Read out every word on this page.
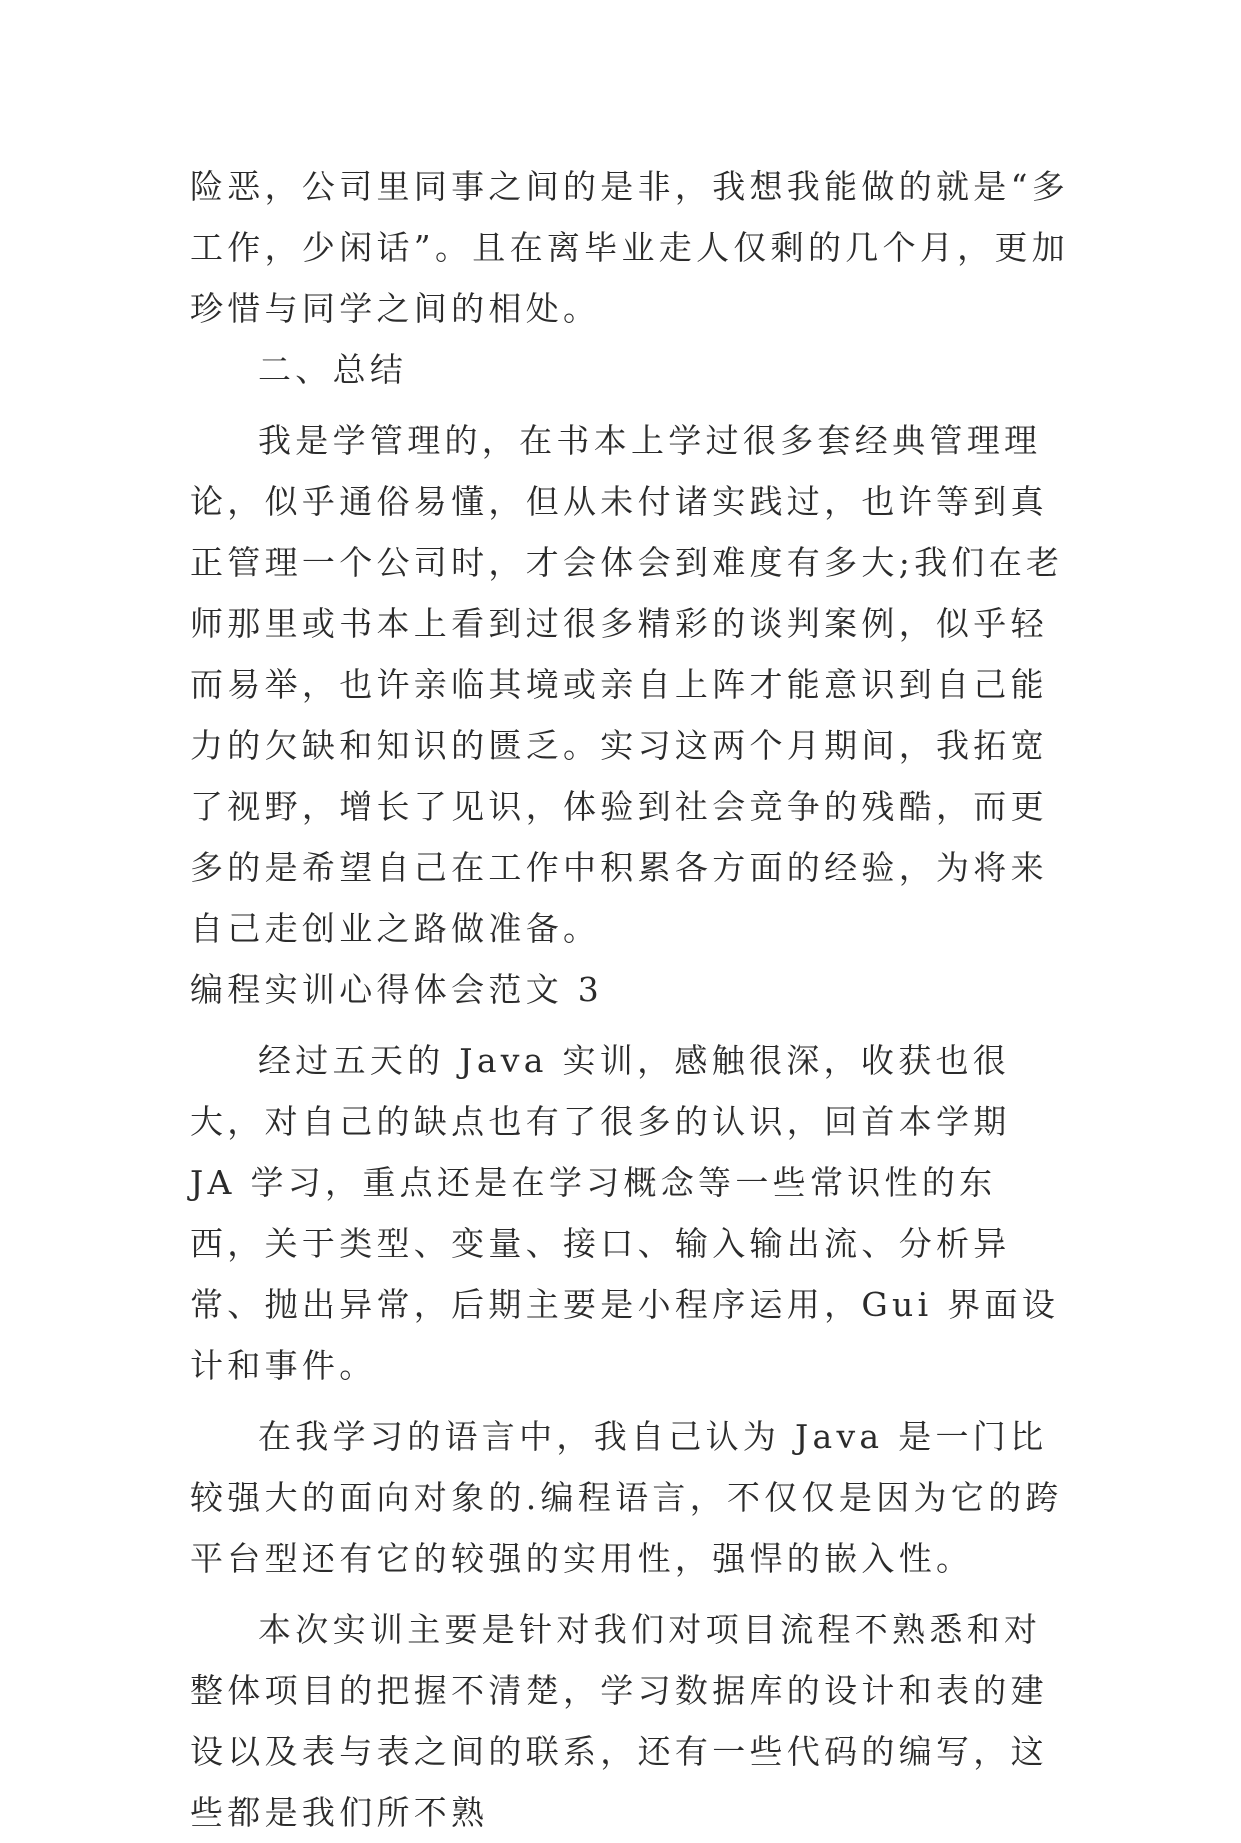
险恶，公司里同事之间的是非，我想我能做的就是“多工作，少闲话”。且在离毕业走人仅剩的几个月，更加珍惜与同学之间的相处。

二、总结

我是学管理的，在书本上学过很多套经典管理理论，似乎通俗易懂，但从未付诸实践过，也许等到真正管理一个公司时，才会体会到难度有多大;我们在老师那里或书本上看到过很多精彩的谈判案例，似乎轻而易举，也许亲临其境或亲自上阵才能意识到自己能力的欠缺和知识的匮乏。实习这两个月期间，我拓宽了视野，增长了见识，体验到社会竞争的残酷，而更多的是希望自己在工作中积累各方面的经验，为将来自己走创业之路做准备。

编程实训心得体会范文 3

经过五天的 Java 实训，感触很深，收获也很大，对自己的缺点也有了很多的认识，回首本学期 JA 学习，重点还是在学习概念等一些常识性的东西，关于类型、变量、接口、输入输出流、分析异常、抛出异常，后期主要是小程序运用，Gui 界面设计和事件。

在我学习的语言中，我自己认为 Java 是一门比较强大的面向对象的.编程语言，不仅仅是因为它的跨平台型还有它的较强的实用性，强悍的嵌入性。

本次实训主要是针对我们对项目流程不熟悉和对整体项目的把握不清楚，学习数据库的设计和表的建设以及表与表之间的联系，还有一些代码的编写，这些都是我们所不熟
